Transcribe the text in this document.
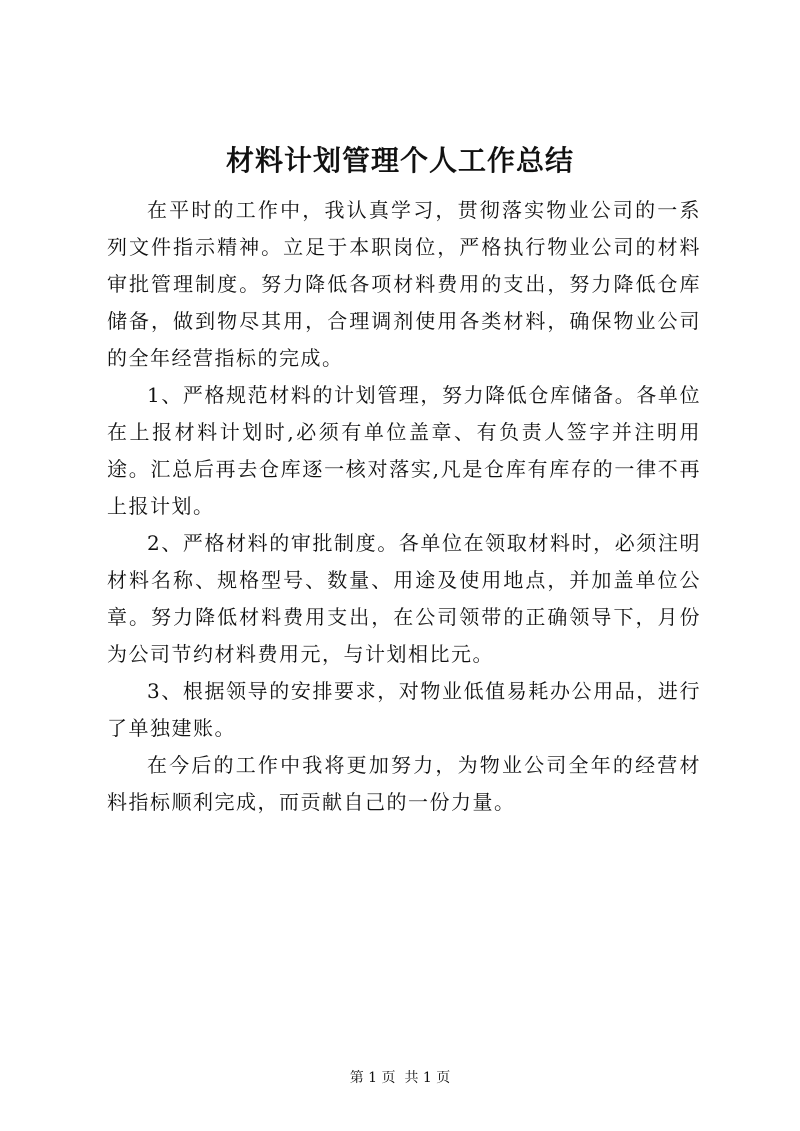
材料计划管理个人工作总结

在平时的工作中，我认真学习，贯彻落实物业公司的一系列文件指示精神。立足于本职岗位，严格执行物业公司的材料审批管理制度。努力降低各项材料费用的支出，努力降低仓库储备，做到物尽其用，合理调剂使用各类材料，确保物业公司的全年经营指标的完成。

1、严格规范材料的计划管理，努力降低仓库储备。各单位在上报材料计划时,必须有单位盖章、有负责人签字并注明用途。汇总后再去仓库逐一核对落实,凡是仓库有库存的一律不再上报计划。

2、严格材料的审批制度。各单位在领取材料时，必须注明材料名称、规格型号、数量、用途及使用地点，并加盖单位公章。努力降低材料费用支出，在公司领带的正确领导下，月份为公司节约材料费用元，与计划相比元。

3、根据领导的安排要求，对物业低值易耗办公用品，进行了单独建账。

在今后的工作中我将更加努力，为物业公司全年的经营材料指标顺利完成，而贡献自己的一份力量。

第 1 页  共 1 页
